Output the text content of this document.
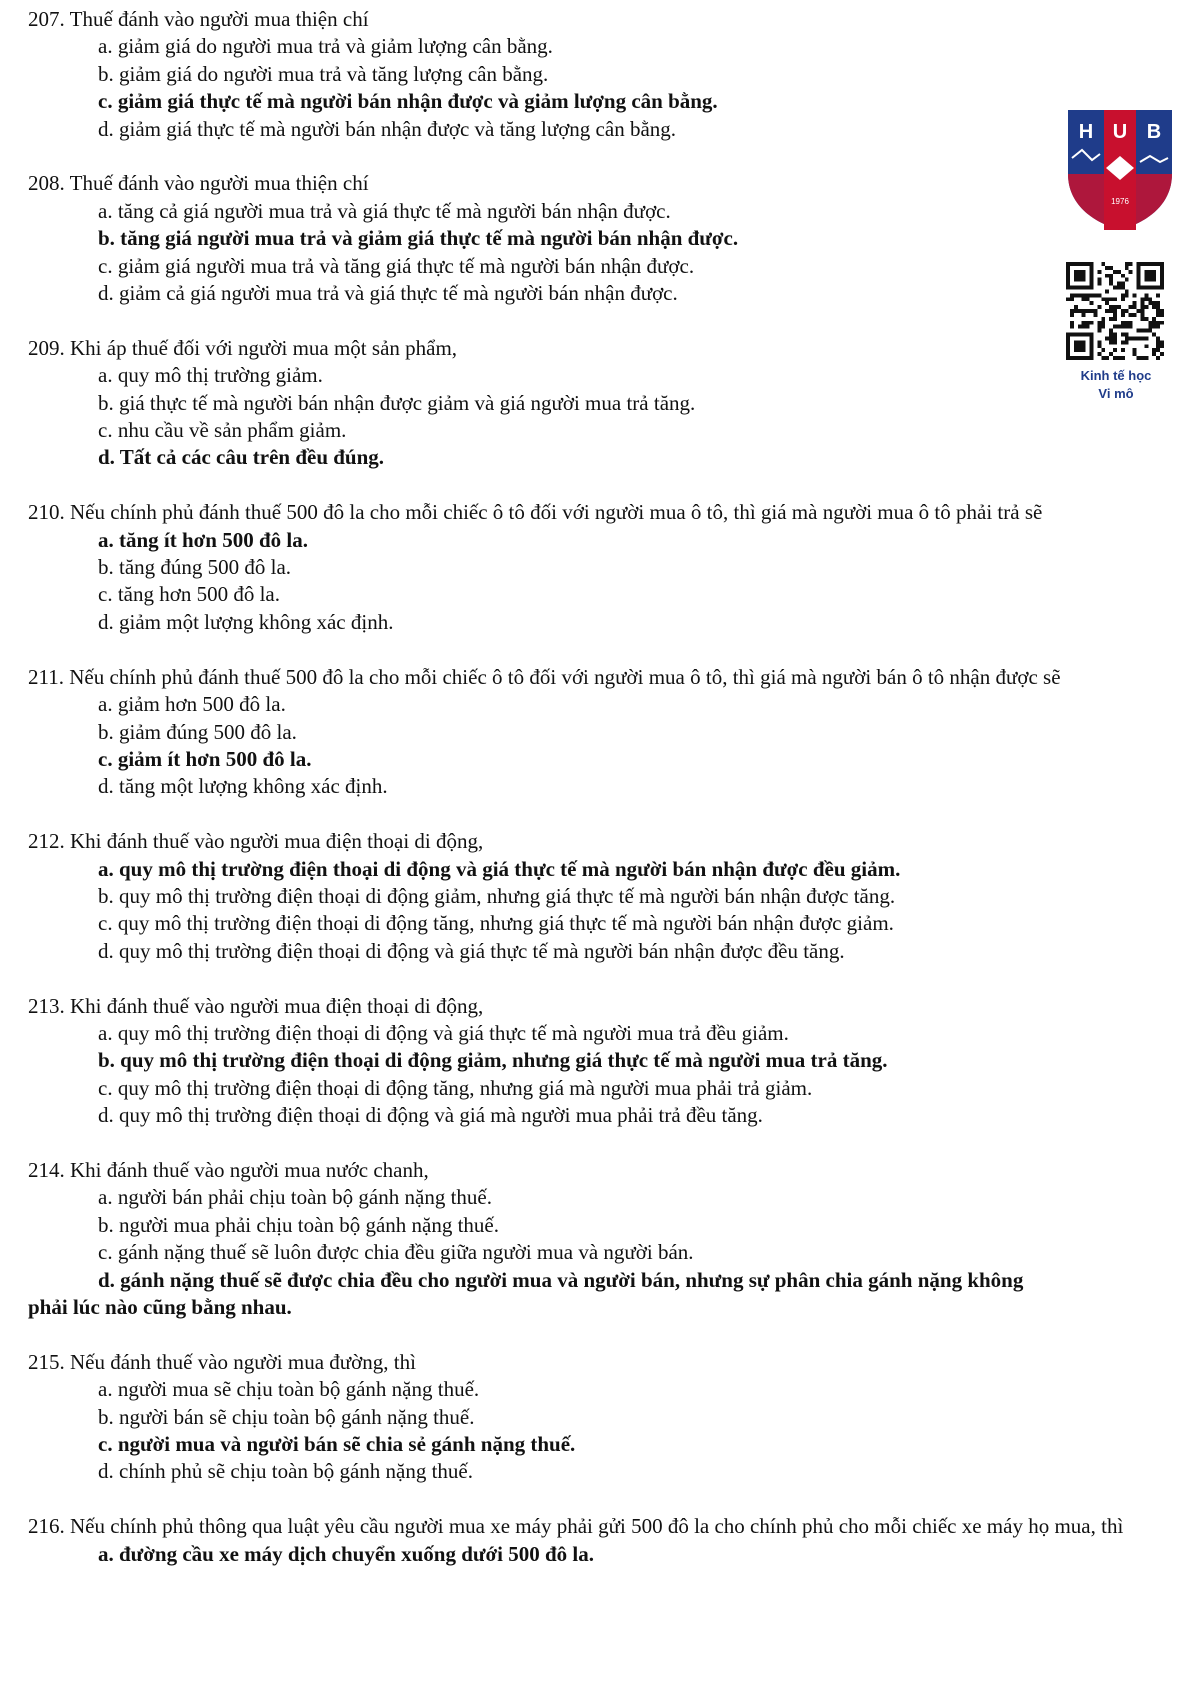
207. Thuế đánh vào người mua thiện chí

a. giảm giá do người mua trả và giảm lượng cân bằng.

b. giảm giá do người mua trả và tăng lượng cân bằng.

c. giảm giá thực tế mà người bán nhận được và giảm lượng cân bằng.

d. giảm giá thực tế mà người bán nhận được và tăng lượng cân bằng.

208. Thuế đánh vào người mua thiện chí

a. tăng cả giá người mua trả và giá thực tế mà người bán nhận được.

b. tăng giá người mua trả và giảm giá thực tế mà người bán nhận được.

c. giảm giá người mua trả và tăng giá thực tế mà người bán nhận được.

d. giảm cả giá người mua trả và giá thực tế mà người bán nhận được.

209. Khi áp thuế đối với người mua một sản phẩm,

a. quy mô thị trường giảm.

b. giá thực tế mà người bán nhận được giảm và giá người mua trả tăng.

c. nhu cầu về sản phẩm giảm.

d. Tất cả các câu trên đều đúng.

210. Nếu chính phủ đánh thuế 500 đô la cho mỗi chiếc ô tô đối với người mua ô tô, thì giá mà người mua ô tô phải trả sẽ

a. tăng ít hơn 500 đô la.

b. tăng đúng 500 đô la.

c. tăng hơn 500 đô la.

d. giảm một lượng không xác định.

211. Nếu chính phủ đánh thuế 500 đô la cho mỗi chiếc ô tô đối với người mua ô tô, thì giá mà người bán ô tô nhận được sẽ

a. giảm hơn 500 đô la.

b. giảm đúng 500 đô la.

c. giảm ít hơn 500 đô la.

d. tăng một lượng không xác định.

212. Khi đánh thuế vào người mua điện thoại di động,

a. quy mô thị trường điện thoại di động và giá thực tế mà người bán nhận được đều giảm.

b. quy mô thị trường điện thoại di động giảm, nhưng giá thực tế mà người bán nhận được tăng.

c. quy mô thị trường điện thoại di động tăng, nhưng giá thực tế mà người bán nhận được giảm.

d. quy mô thị trường điện thoại di động và giá thực tế mà người bán nhận được đều tăng.

213. Khi đánh thuế vào người mua điện thoại di động,

a. quy mô thị trường điện thoại di động và giá thực tế mà người mua trả đều giảm.

b. quy mô thị trường điện thoại di động giảm, nhưng giá thực tế mà người mua trả tăng.

c. quy mô thị trường điện thoại di động tăng, nhưng giá mà người mua phải trả giảm.

d. quy mô thị trường điện thoại di động và giá mà người mua phải trả đều tăng.

214. Khi đánh thuế vào người mua nước chanh,

a. người bán phải chịu toàn bộ gánh nặng thuế.

b. người mua phải chịu toàn bộ gánh nặng thuế.

c. gánh nặng thuế sẽ luôn được chia đều giữa người mua và người bán.

d. gánh nặng thuế sẽ được chia đều cho người mua và người bán, nhưng sự phân chia gánh nặng không

phải lúc nào cũng bằng nhau.

215. Nếu đánh thuế vào người mua đường, thì

a. người mua sẽ chịu toàn bộ gánh nặng thuế.

b. người bán sẽ chịu toàn bộ gánh nặng thuế.

c. người mua và người bán sẽ chia sẻ gánh nặng thuế.

d. chính phủ sẽ chịu toàn bộ gánh nặng thuế.

216. Nếu chính phủ thông qua luật yêu cầu người mua xe máy phải gửi 500 đô la cho chính phủ cho mỗi chiếc xe máy họ mua, thì

a. đường cầu xe máy dịch chuyển xuống dưới 500 đô la.

H U B
1976
Kinh tế học
Vi mô
